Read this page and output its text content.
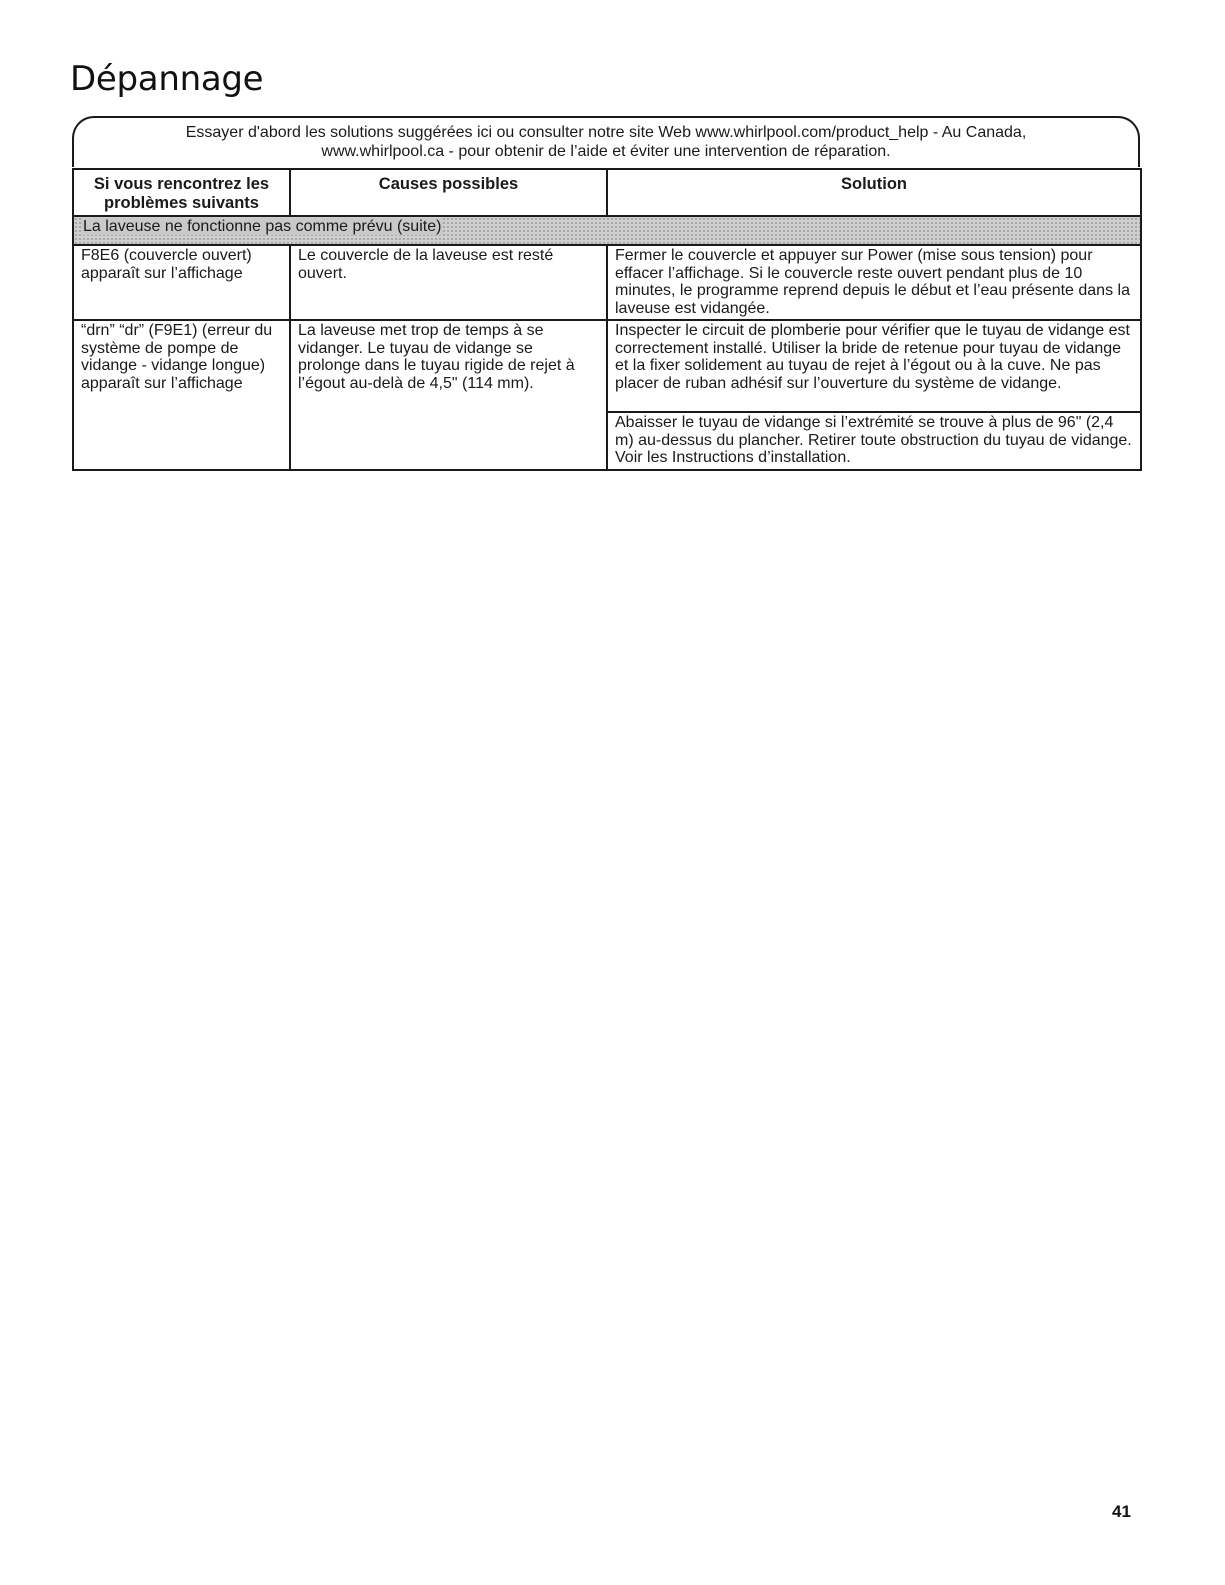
Dépannage
Essayer d'abord les solutions suggérées ici ou consulter notre site Web www.whirlpool.com/product_help - Au Canada,
www.whirlpool.ca - pour obtenir de l’aide et éviter une intervention de réparation.
Si vous rencontrez les problèmes suivants	Causes possibles	Solution
La laveuse ne fonctionne pas comme prévu (suite)		
F8E6 (couvercle ouvert) apparaît sur l’affichage	Le couvercle de la laveuse est resté ouvert.	Fermer le couvercle et appuyer sur Power (mise sous tension) pour effacer l’affichage. Si le couvercle reste ouvert pendant plus de 10 minutes, le programme reprend depuis le début et l’eau présente dans la laveuse est vidangée.
“drn” “dr” (F9E1) (erreur du système de pompe de vidange - vidange longue) apparaît sur l’affichage	La laveuse met trop de temps à se vidanger. Le tuyau de vidange se prolonge dans le tuyau rigide de rejet à l’égout au-delà de 4,5" (114 mm).	Inspecter le circuit de plomberie pour vérifier que le tuyau de vidange est correctement installé. Utiliser la bride de retenue pour tuyau de vidange et la fixer solidement au tuyau de rejet à l’égout ou à la cuve. Ne pas placer de ruban adhésif sur l’ouverture du système de vidange.
		Abaisser le tuyau de vidange si l’extrémité se trouve à plus de 96" (2,4 m) au-dessus du plancher. Retirer toute obstruction du tuyau de vidange. Voir les Instructions d’installation.
41
